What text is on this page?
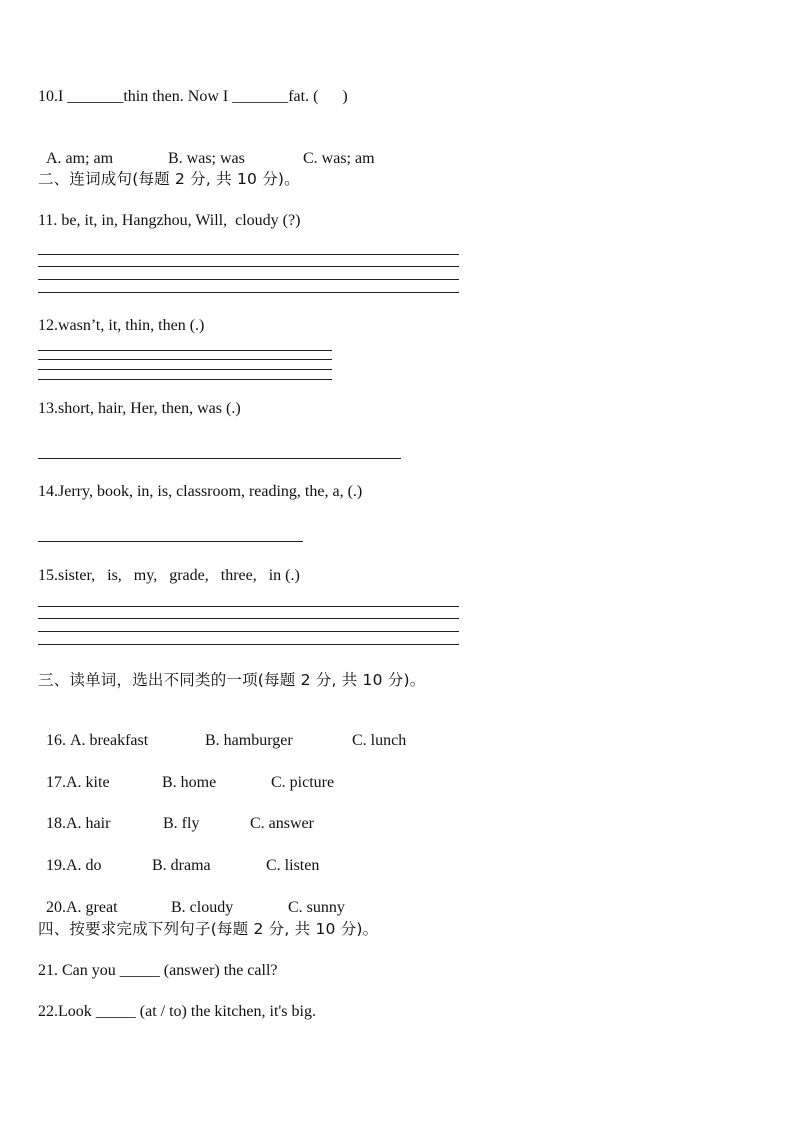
10.I _______thin then. Now I _______fat. (      )

A. am; am	B. was; was	C. was; am

二、连词成句(每题 2 分, 共 10 分)。
11. be, it, in, Hangzhou, Will,  cloudy (?)
12.wasn’t, it, thin, then (.)
13.short, hair, Her, then, was (.)
14.Jerry, book, in, is, classroom, reading, the, a, (.)
15.sister,   is,   my,   grade,   three,   in (.)
三、读单词，选出不同类的一项(每题 2 分, 共 10 分)。

16. A. breakfast	B. hamburger	C. lunch

17.A. kite	B. home	C. picture

18.A. hair	B. fly	C. answer

19.A. do	B. drama	C. listen

20.A. great	B. cloudy	C. sunny

四、按要求完成下列句子(每题 2 分, 共 10 分)。
21. Can you _____ (answer) the call?
22.Look _____ (at / to) the kitchen, it's big.
